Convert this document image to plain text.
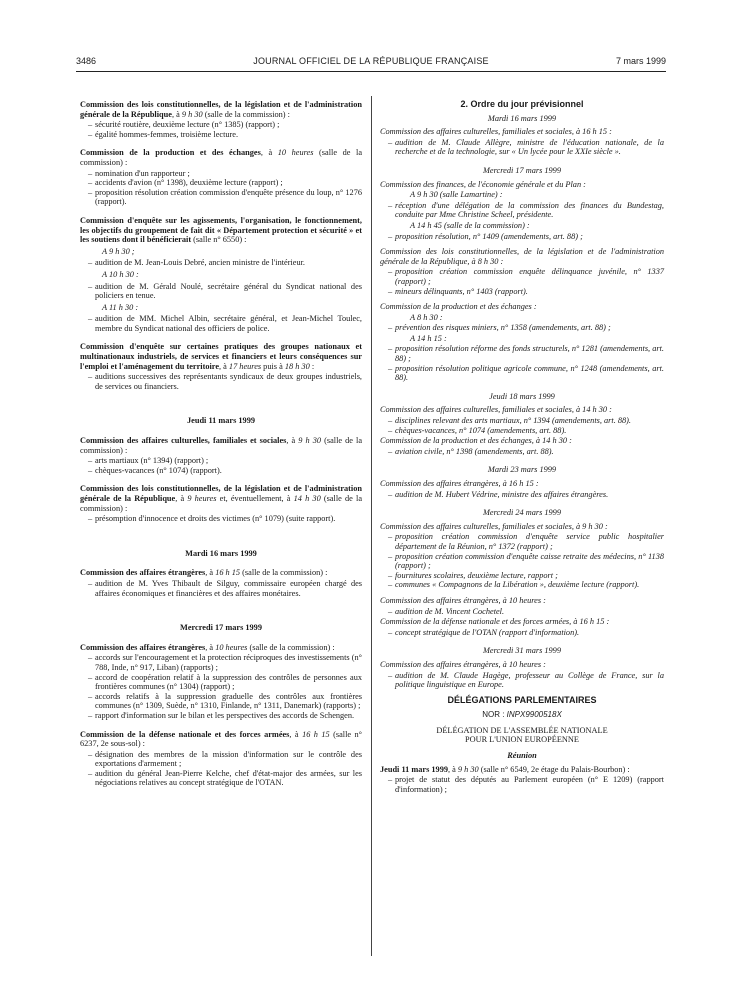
3486	JOURNAL OFFICIEL DE LA RÉPUBLIQUE FRANÇAISE	7 mars 1999

Commission des lois constitutionnelles, de la législation et de l'administration générale de la République, à 9 h 30 (salle de la commission) :

– sécurité routière, deuxième lecture (n° 1385) (rapport) ;
– égalité hommes-femmes, troisième lecture.

Commission de la production et des échanges, à 10 heures (salle de la commission) :

– nomination d'un rapporteur ;
– accidents d'avion (n° 1398), deuxième lecture (rapport) ;
– proposition résolution création commission d'enquête présence du loup, n° 1276 (rapport).

Commission d'enquête sur les agissements, l'organisation, le fonctionnement, les objectifs du groupement de fait dit « Département protection et sécurité » et les soutiens dont il bénéficierait (salle n° 6550) :

A 9 h 30 ;

– audition de M. Jean-Louis Debré, ancien ministre de l'intérieur.

A 10 h 30 :

– audition de M. Gérald Noulé, secrétaire général du Syndicat national des policiers en tenue.

A 11 h 30 :

– audition de MM. Michel Albin, secrétaire général, et Jean-Michel Toulec, membre du Syndicat national des officiers de police.

Commission d'enquête sur certaines pratiques des groupes nationaux et multinationaux industriels, de services et financiers et leurs conséquences sur l'emploi et l'aménagement du territoire, à 17 heures puis à 18 h 30 :

– auditions successives des représentants syndicaux de deux groupes industriels, de services ou financiers.

Jeudi 11 mars 1999

Commission des affaires culturelles, familiales et sociales, à 9 h 30 (salle de la commission) :

– arts martiaux (n° 1394) (rapport) ;
– chèques-vacances (n° 1074) (rapport).

Commission des lois constitutionnelles, de la législation et de l'administration générale de la République, à 9 heures et, éventuellement, à 14 h 30 (salle de la commission) :

– présomption d'innocence et droits des victimes (n° 1079) (suite rapport).

Mardi 16 mars 1999

Commission des affaires étrangères, à 16 h 15 (salle de la commission) :

– audition de M. Yves Thibault de Silguy, commissaire européen chargé des affaires économiques et financières et des affaires monétaires.

Mercredi 17 mars 1999

Commission des affaires étrangères, à 10 heures (salle de la commission) :

– accords sur l'encouragement et la protection réciproques des investissements (n° 788, Inde, n° 917, Liban) (rapports) ;
– accord de coopération relatif à la suppression des contrôles de personnes aux frontières communes (n° 1304) (rapport) ;
– accords relatifs à la suppression graduelle des contrôles aux frontières communes (n° 1309, Suède, n° 1310, Finlande, n° 1311, Danemark) (rapports) ;
– rapport d'information sur le bilan et les perspectives des accords de Schengen.

Commission de la défense nationale et des forces armées, à 16 h 15 (salle n° 6237, 2e sous-sol) :

– désignation des membres de la mission d'information sur le contrôle des exportations d'armement ;
– audition du général Jean-Pierre Kelche, chef d'état-major des armées, sur les négociations relatives au concept stratégique de l'OTAN.

2. Ordre du jour prévisionnel

Mardi 16 mars 1999

Commission des affaires culturelles, familiales et sociales, à 16 h 15 :

– audition de M. Claude Allègre, ministre de l'éducation nationale, de la recherche et de la technologie, sur « Un lycée pour le XXIe siècle ».

Mercredi 17 mars 1999

Commission des finances, de l'économie générale et du Plan :

A 9 h 30 (salle Lamartine) :

– réception d'une délégation de la commission des finances du Bundestag, conduite par Mme Christine Scheel, présidente.

A 14 h 45 (salle de la commission) :

– proposition résolution, n° 1409 (amendements, art. 88) ;

Commission des lois constitutionnelles, de la législation et de l'administration générale de la République, à 8 h 30 :

– proposition création commission enquête délinquance juvénile, n° 1337 (rapport) ;
– mineurs délinquants, n° 1403 (rapport).

Commission de la production et des échanges :

A 8 h 30 :

– prévention des risques miniers, n° 1358 (amendements, art. 88) ;

A 14 h 15 :

– proposition résolution réforme des fonds structurels, n° 1281 (amendements, art. 88) ;
– proposition résolution politique agricole commune, n° 1248 (amendements, art. 88).

Jeudi 18 mars 1999

Commission des affaires culturelles, familiales et sociales, à 14 h 30 :

– disciplines relevant des arts martiaux, n° 1394 (amendements, art. 88).
– chèques-vacances, n° 1074 (amendements, art. 88).

Commission de la production et des échanges, à 14 h 30 :

– aviation civile, n° 1398 (amendements, art. 88).

Mardi 23 mars 1999

Commission des affaires étrangères, à 16 h 15 :

– audition de M. Hubert Védrine, ministre des affaires étrangères.

Mercredi 24 mars 1999

Commission des affaires culturelles, familiales et sociales, à 9 h 30 :

– proposition création commission d'enquête service public hospitalier département de la Réunion, n° 1372 (rapport) ;
– proposition création commission d'enquête caisse retraite des médecins, n° 1138 (rapport) ;
– fournitures scolaires, deuxième lecture, rapport ;
– communes « Compagnons de la Libération », deuxième lecture (rapport).

Commission des affaires étrangères, à 10 heures :

– audition de M. Vincent Cochetel.

Commission de la défense nationale et des forces armées, à 16 h 15 :

– concept stratégique de l'OTAN (rapport d'information).

Mercredi 31 mars 1999

Commission des affaires étrangères, à 10 heures :

– audition de M. Claude Hagège, professeur au Collège de France, sur la politique linguistique en Europe.

DÉLÉGATIONS PARLEMENTAIRES

NOR : INPX9900518X

DÉLÉGATION DE L'ASSEMBLÉE NATIONALE
POUR L'UNION EUROPÉENNE

Réunion

Jeudi 11 mars 1999, à 9 h 30 (salle n° 6549, 2e étage du Palais-Bourbon) :

– projet de statut des députés au Parlement européen (n° E 1209) (rapport d'information) ;
